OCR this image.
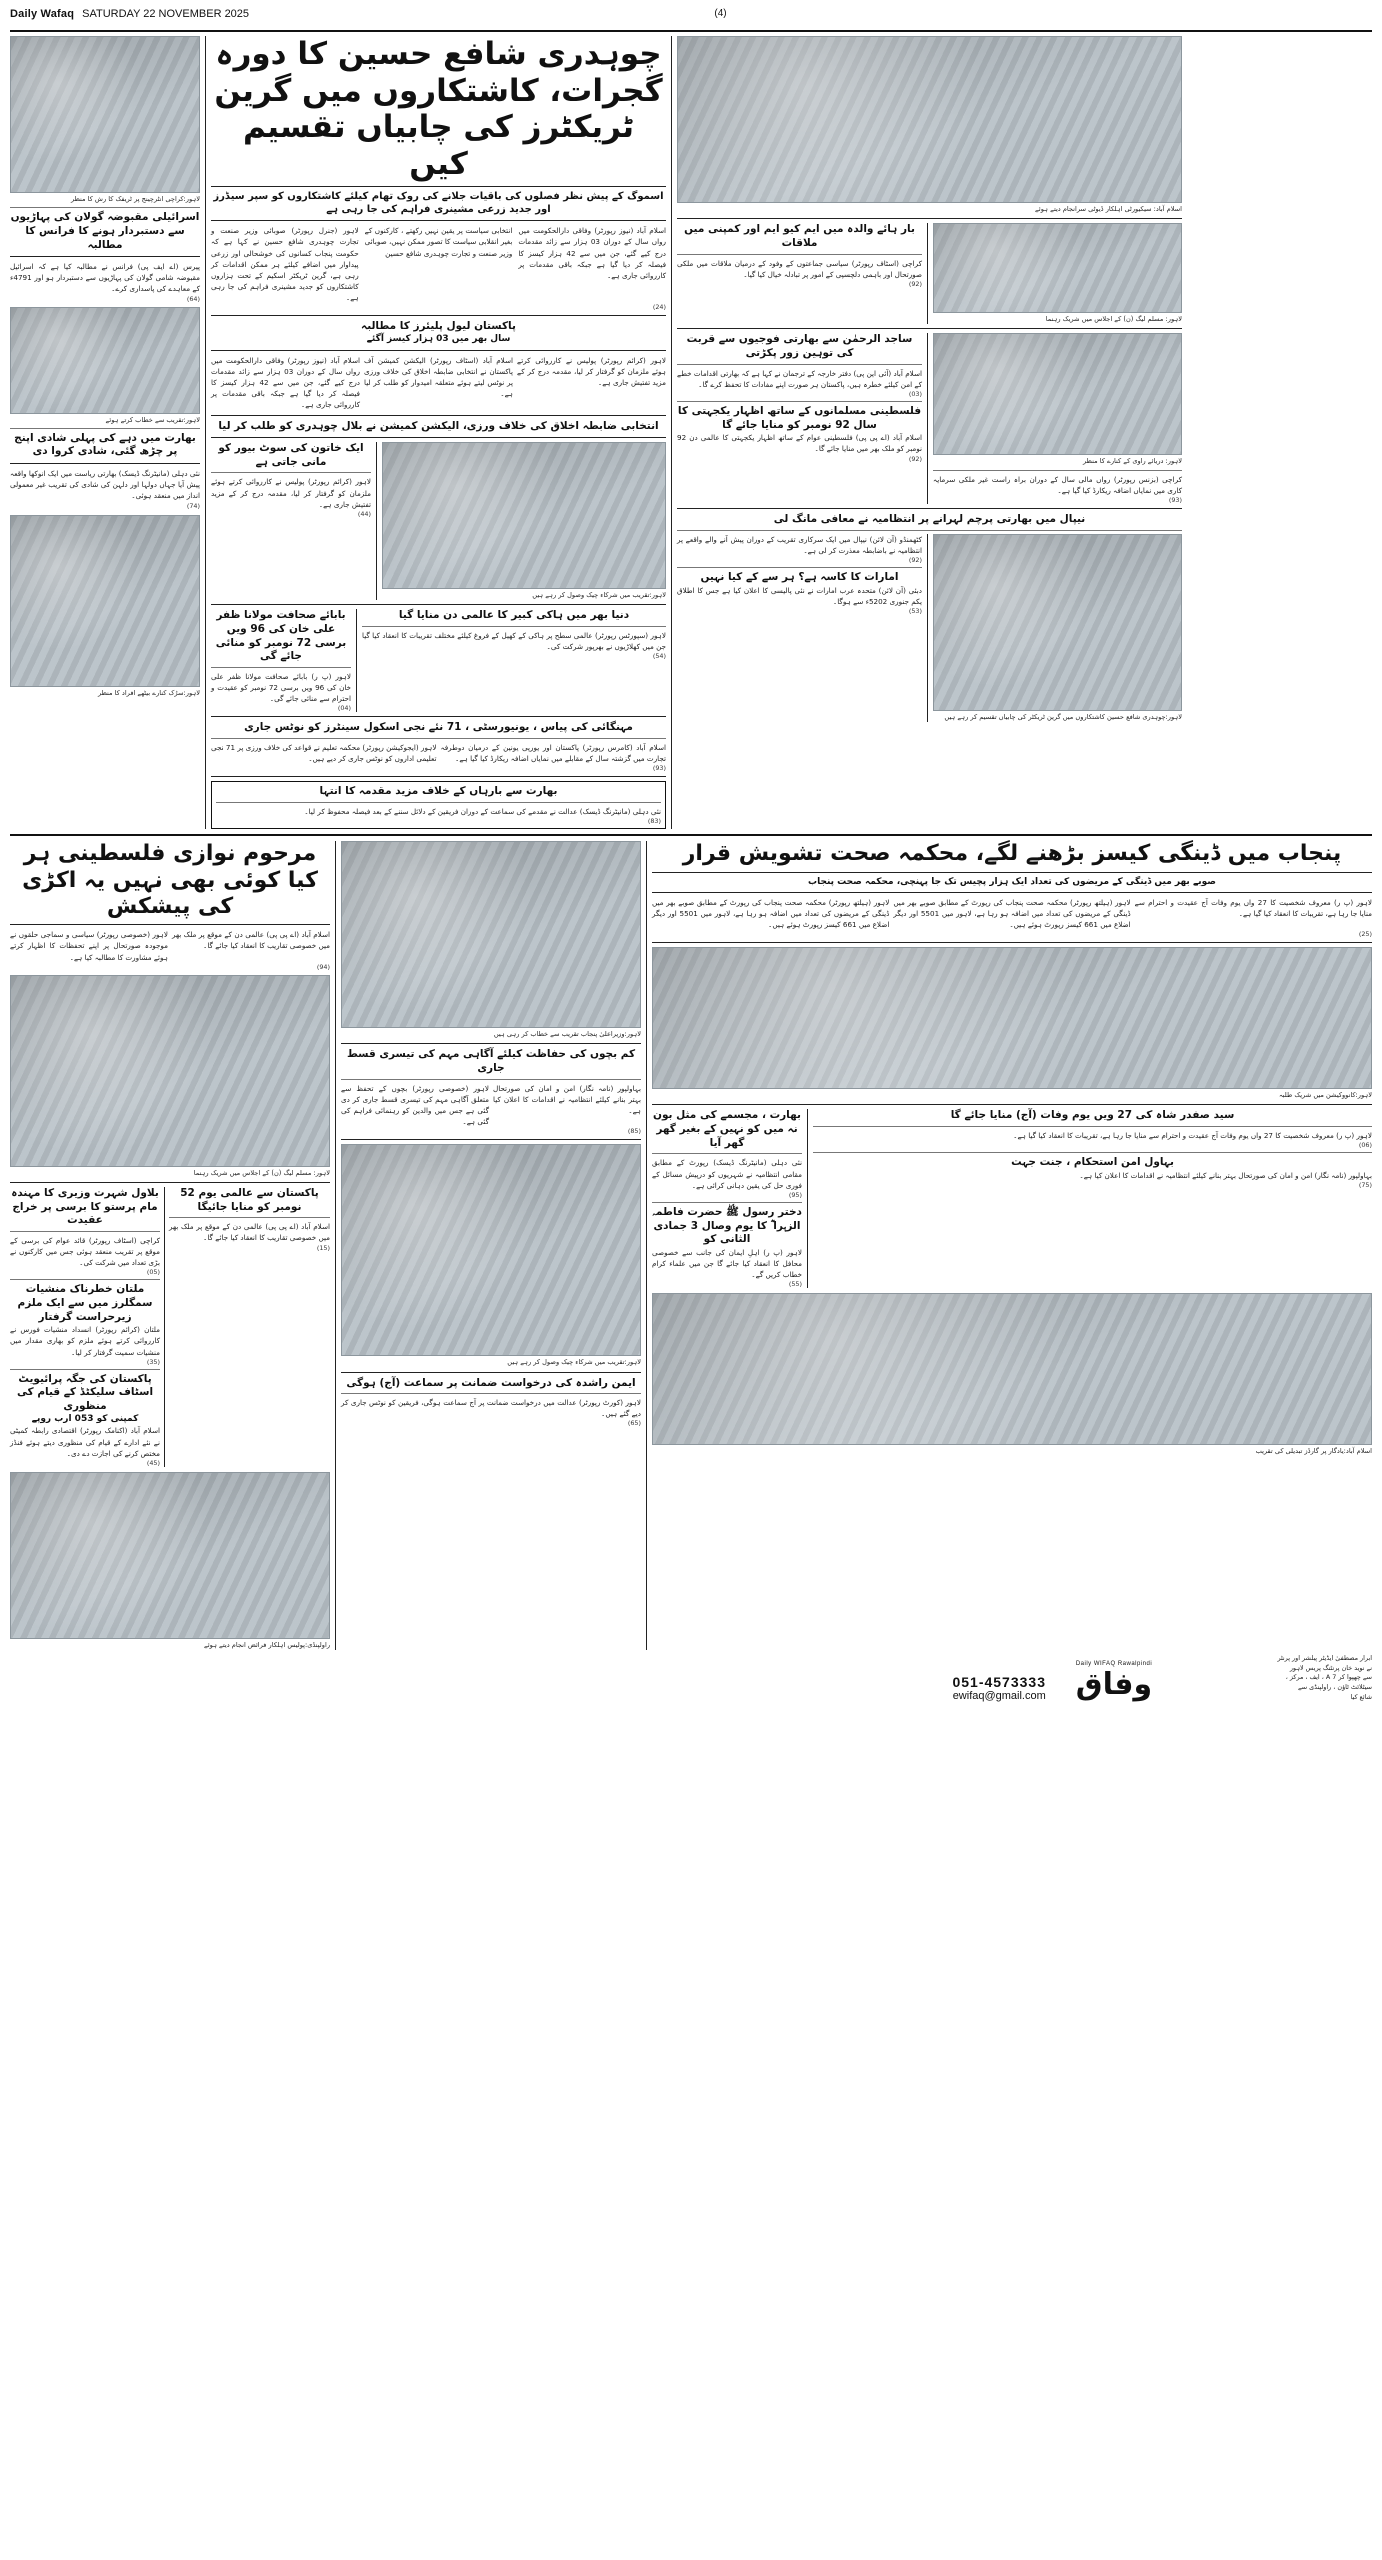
Daily Wafaq SATURDAY 22 NOVEMBER 2025	(4)
لاہور:کراچی انٹرچینج پر ٹریفک کا رش کا منظر
اسرائیلی مقبوضہ گولان کی پہاڑیوں سے دستبردار ہونے کا فرانس کا مطالبہ
پیرس (اے ایف پی) فرانس نے مطالبہ کیا ہے کہ اسرائیل مقبوضہ شامی گولان کی پہاڑیوں سے دستبردار ہو اور 1974ء کے معاہدے کی پاسداری کرے۔
(46)
لاہور:تقریب سے خطاب کرتے ہوئے
بھارت میں دہے کی پہلی شادی اپنج پر چڑھ گئی، شادی کروا دی
نئی دہلی (مانیٹرنگ ڈیسک) بھارتی ریاست میں ایک انوکھا واقعہ پیش آیا جہاں دولہا اور دلہن کی شادی کی تقریب غیر معمولی انداز میں منعقد ہوئی۔
(47)
لاہور:سڑک کنارے بیٹھے افراد کا منظر
چوہدری شافع حسین کا دورہ گجرات، کاشتکاروں میں گرین ٹریکٹرز کی چابیاں تقسیم کیں
اسموگ کے پیش نظر فصلوں کی باقیات جلانے کی روک تھام کیلئے کاشتکاروں کو سپر سیڈرز اور جدید زرعی مشینری فراہم کی جا رہی ہے
لاہور (جنرل رپورٹر) صوبائی وزیر صنعت و تجارت چوہدری شافع حسین نے کہا ہے کہ حکومت پنجاب کسانوں کی خوشحالی اور زرعی پیداوار میں اضافے کیلئے ہر ممکن اقدامات کر رہی ہے، گرین ٹریکٹر اسکیم کے تحت ہزاروں کاشتکاروں کو جدید مشینری فراہم کی جا رہی ہے۔
انتخابی سیاست پر یقین نہیں رکھتے ، کارکنوں کے بغیر انقلابی سیاست کا تصور ممکن نہیں، صوبائی وزیر صنعت و تجارت چوہدری شافع حسین
اسلام آباد (نیوز رپورٹر) وفاقی دارالحکومت میں رواں سال کے دوران 30 ہزار سے زائد مقدمات درج کیے گئے، جن میں سے 24 ہزار کیسز کا فیصلہ کر دیا گیا ہے جبکہ باقی مقدمات پر کارروائی جاری ہے۔
(42)
پاکستان لیول پلیئرز کا مطالبہ
سال بھر میں 30 ہزار کیسز آگئے
اسلام آباد (نیوز رپورٹر) وفاقی دارالحکومت میں رواں سال کے دوران 30 ہزار سے زائد مقدمات درج کیے گئے، جن میں سے 24 ہزار کیسز کا فیصلہ کر دیا گیا ہے جبکہ باقی مقدمات پر کارروائی جاری ہے۔
اسلام آباد (اسٹاف رپورٹر) الیکشن کمیشن آف پاکستان نے انتخابی ضابطہ اخلاق کی خلاف ورزی پر نوٹس لیتے ہوئے متعلقہ امیدوار کو طلب کر لیا ہے۔
لاہور (کرائم رپورٹر) پولیس نے کارروائی کرتے ہوئے ملزمان کو گرفتار کر لیا، مقدمہ درج کر کے مزید تفتیش جاری ہے۔
انتخابی ضابطہ اخلاق کی خلاف ورزی، الیکشن کمیشن نے بلال چوہدری کو طلب کر لیا
ایک خاتون کی سوٹ بیور کو مانی جاتی ہے
لاہور (کرائم رپورٹر) پولیس نے کارروائی کرتے ہوئے ملزمان کو گرفتار کر لیا، مقدمہ درج کر کے مزید تفتیش جاری ہے۔
(44)
لاہور:تقریب میں شرکاء چیک وصول کر رہے ہیں
بابائے صحافت مولانا ظفر علی خان کی 69 ویں برسی 27 نومبر کو منائی جائے گی
لاہور (پ ر) بابائے صحافت مولانا ظفر علی خان کی 69 ویں برسی 27 نومبر کو عقیدت و احترام سے منائی جائے گی۔
(40)
دنیا بھر میں ہاکی کبیر کا عالمی دن منایا گیا
لاہور (سپورٹس رپورٹر) عالمی سطح پر ہاکی کے کھیل کے فروغ کیلئے مختلف تقریبات کا انعقاد کیا گیا جن میں کھلاڑیوں نے بھرپور شرکت کی۔
(45)
مہنگائی کی پیاس ، یونیورسٹی ، 17 نئے نجی اسکول سینٹرز کو نوٹس جاری
لاہور (ایجوکیشن رپورٹر) محکمہ تعلیم نے قواعد کی خلاف ورزی پر 17 نجی تعلیمی اداروں کو نوٹس جاری کر دیے ہیں۔
اسلام آباد (کامرس رپورٹر) پاکستان اور یورپی یونین کے درمیان دوطرفہ تجارت میں گزشتہ سال کے مقابلے میں نمایاں اضافہ ریکارڈ کیا گیا ہے۔
(39)
بھارت سے بارہاں کے خلاف مزید مقدمہ کا انتہا
نئی دہلی (مانیٹرنگ ڈیسک) عدالت نے مقدمے کی سماعت کے دوران فریقین کے دلائل سننے کے بعد فیصلہ محفوظ کر لیا۔
(38)
اسلام آباد: سیکیورٹی اہلکار ڈیوٹی سرانجام دیتے ہوئے
بار ہائے والدہ میں ایم کیو ایم اور کمپنی میں ملاقات
کراچی (اسٹاف رپورٹر) سیاسی جماعتوں کے وفود کے درمیان ملاقات میں ملکی صورتحال اور باہمی دلچسپی کے امور پر تبادلہ خیال کیا گیا۔
(29)
لاہور: مسلم لیگ (ن) کے اجلاس میں شریک رہنما
ساجد الرحمٰن سے بھارتی فوجیوں سے قربت کی توہین زور پکڑتی
اسلام آباد (آئی این پی) دفتر خارجہ کے ترجمان نے کہا ہے کہ بھارتی اقدامات خطے کے امن کیلئے خطرہ ہیں، پاکستان ہر صورت اپنے مفادات کا تحفظ کرے گا۔
(30)
فلسطینی مسلمانوں کے ساتھ اظہار یکجہتی کا سال 29 نومبر کو منایا جائے گا
اسلام آباد (اے پی پی) فلسطینی عوام کے ساتھ اظہار یکجہتی کا عالمی دن 29 نومبر کو ملک بھر میں منایا جائے گا۔
(29)	لاہور: دریائے راوی کے کنارے کا منظر
کراچی (بزنس رپورٹر) رواں مالی سال کے دوران براہ راست غیر ملکی سرمایہ کاری میں نمایاں اضافہ ریکارڈ کیا گیا ہے۔
(39)
نیپال میں بھارتی پرچم لہرانے پر انتظامیہ نے معافی مانگ لی
کٹھمنڈو (آن لائن) نیپال میں ایک سرکاری تقریب کے دوران پیش آنے والے واقعے پر انتظامیہ نے باضابطہ معذرت کر لی ہے۔
(29)
امارات کا کاسہ ہے؟ ہر سے کے کیا نہیں
دبئی (آن لائن) متحدہ عرب امارات نے نئی پالیسی کا اعلان کیا ہے جس کا اطلاق یکم جنوری 2025ء سے ہوگا۔
(35)
لاہور:چوہدری شافع حسین کاشتکاروں میں گرین ٹریکٹر کی چابیاں تقسیم کر رہے ہیں
مرحوم نوازی فلسطینی ہر کیا کوئی بھی نہیں یہ اکڑی کی پیشکش
لاہور (خصوصی رپورٹر) سیاسی و سماجی حلقوں نے موجودہ صورتحال پر اپنے تحفظات کا اظہار کرتے ہوئے مشاورت کا مطالبہ کیا ہے۔
اسلام آباد (اے پی پی) عالمی دن کے موقع پر ملک بھر میں خصوصی تقاریب کا انعقاد کیا جائے گا۔
(49)
لاہور: مسلم لیگ (ن) کے اجلاس میں شریک رہنما
بلاول شہرت وزیری کا مہندہ مام پرستو کا برسی پر خراج عقیدت
کراچی (اسٹاف رپورٹر) قائد عوام کی برسی کے موقع پر تقریب منعقد ہوئی جس میں کارکنوں نے بڑی تعداد میں شرکت کی۔
(50)
ملتان خطرناک منشیات سمگلرز میں سے ایک ملزم زیرحراست گرفتار
ملتان (کرائم رپورٹر) انسداد منشیات فورس نے کارروائی کرتے ہوئے ملزم کو بھاری مقدار میں منشیات سمیت گرفتار کر لیا۔
(53)
پاکستان کی جگہ پرائیویٹ اسٹاف سلیکٹڈ کے قیام کی منظوری
کمپنی کو 350 ارب روپے
اسلام آباد (اکنامک رپورٹر) اقتصادی رابطہ کمیٹی نے نئے ادارے کے قیام کی منظوری دیتے ہوئے فنڈز مختص کرنے کی اجازت دے دی۔
(54)
پاکستان سے عالمی یوم 25 نومبر کو منایا جائیگا
اسلام آباد (اے پی پی) عالمی دن کے موقع پر ملک بھر میں خصوصی تقاریب کا انعقاد کیا جائے گا۔
(51)
راولپنڈی:پولیس اہلکار فرائض انجام دیتے ہوئے
لاہور:وزیراعلیٰ پنجاب تقریب سے خطاب کر رہی ہیں
کم بچوں کی حفاظت کیلئے آگاہی مہم کی تیسری قسط جاری
لاہور (خصوصی رپورٹر) بچوں کے تحفظ سے متعلق آگاہی مہم کی تیسری قسط جاری کر دی گئی ہے جس میں والدین کو رہنمائی فراہم کی گئی ہے۔
بہاولپور (نامہ نگار) امن و امان کی صورتحال بہتر بنانے کیلئے انتظامیہ نے اقدامات کا اعلان کیا ہے۔
(58)
لاہور:تقریب میں شرکاء چیک وصول کر رہے ہیں
ایمن راشدہ کی درخواست ضمانت پر سماعت (آج) ہوگی
لاہور (کورٹ رپورٹر) عدالت میں درخواست ضمانت پر آج سماعت ہوگی، فریقین کو نوٹس جاری کر دیے گئے ہیں۔
(56)
پنجاب میں ڈینگی کیسز بڑھنے لگے، محکمہ صحت تشویش قرار
صوبے بھر میں ڈینگی کے مریضوں کی تعداد ایک ہزار پچیس تک جا پہنچی، محکمہ صحت پنجاب
لاہور (ہیلتھ رپورٹر) محکمہ صحت پنجاب کی رپورٹ کے مطابق صوبے بھر میں ڈینگی کے مریضوں کی تعداد میں اضافہ ہو رہا ہے، لاہور میں 1055 اور دیگر اضلاع میں 166 کیسز رپورٹ ہوئے ہیں۔
لاہور (ہیلتھ رپورٹر) محکمہ صحت پنجاب کی رپورٹ کے مطابق صوبے بھر میں ڈینگی کے مریضوں کی تعداد میں اضافہ ہو رہا ہے، لاہور میں 1055 اور دیگر اضلاع میں 166 کیسز رپورٹ ہوئے ہیں۔
لاہور (پ ر) معروف شخصیت کا 72 واں یوم وفات آج عقیدت و احترام سے منایا جا رہا ہے، تقریبات کا انعقاد کیا گیا ہے۔
(52)
لاہور:کانووکیشن میں شریک طلبہ
بھارت ، مجسمے کی مثل بون نہ میں کو نہیں کے بغیر گھر گھر آیا
نئی دہلی (مانیٹرنگ ڈیسک) رپورٹ کے مطابق مقامی انتظامیہ نے شہریوں کو درپیش مسائل کے فوری حل کی یقین دہانی کرائی ہے۔
(59)
دختر رسول ﷺ حضرت فاطمہ الزہرا ؓ کا یوم وصال 3 جمادی الثانی کو
لاہور (پ ر) اہلِ ایمان کی جانب سے خصوصی محافل کا انعقاد کیا جائے گا جن میں علماء کرام خطاب کریں گے۔
(55)
سید صفدر شاہ کی 72 ویں یوم وفات (آج) منایا جائے گا
لاہور (پ ر) معروف شخصیت کا 72 واں یوم وفات آج عقیدت و احترام سے منایا جا رہا ہے، تقریبات کا انعقاد کیا گیا ہے۔
(60)
بہاول امن استحکام ، جنت جہت
بہاولپور (نامہ نگار) امن و امان کی صورتحال بہتر بنانے کیلئے انتظامیہ نے اقدامات کا اعلان کیا ہے۔
(57)
اسلام آباد:یادگار پر گارڈز تبدیلی کی تقریب
051-4573333
ewifaq@gmail.com
Daily WIFAQ Rawalpindi
وفاق
ابرار مصطفیٰ ایڈیٹر پبلشر اور پرنٹر
نے نوید خان پرنٹنگ پریس لاہور
سے چھپوا کر 7 A ، ایف ، مرکز ،
سیٹلائٹ ٹاؤن ، راولپنڈی سے
شائع کیا
